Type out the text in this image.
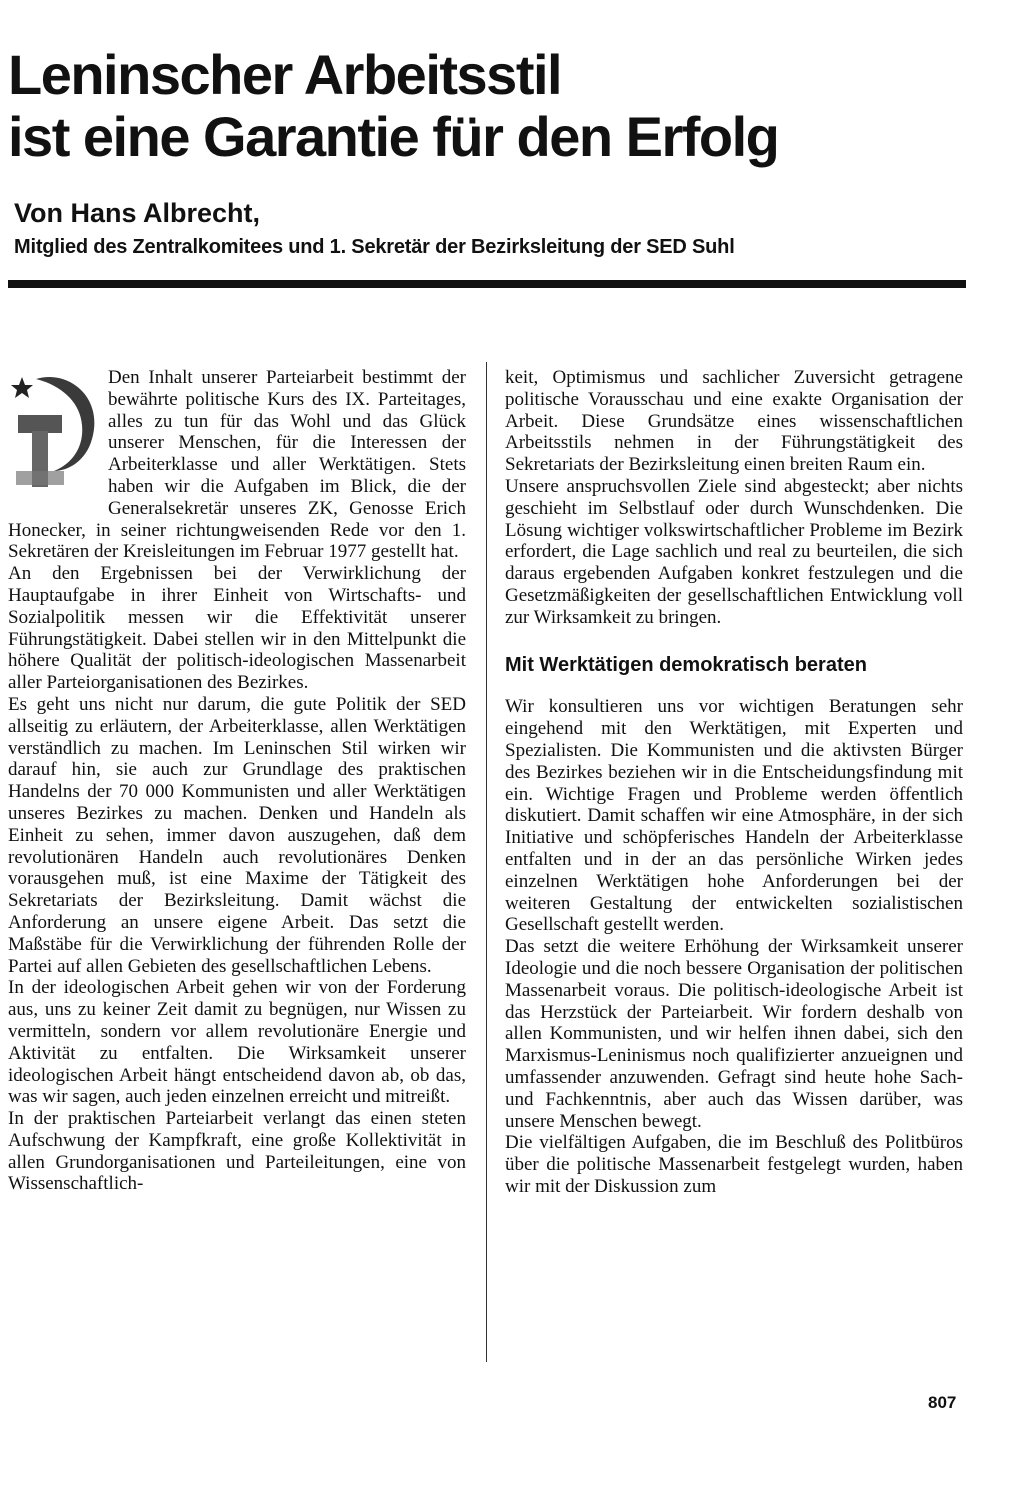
Leninscher Arbeitsstil
ist eine Garantie für den Erfolg
Von Hans Albrecht,
Mitglied des Zentralkomitees und 1. Sekretär der Bezirksleitung der SED Suhl

Den Inhalt unserer Parteiarbeit bestimmt der bewährte politische Kurs des IX. Parteitages, alles zu tun für das Wohl und das Glück unserer Menschen, für die Interessen der Arbeiterklasse und aller Werktätigen. Stets haben wir die Aufgaben im Blick, die der Generalsekretär unseres ZK, Genosse Erich Honecker, in seiner richtungweisenden Rede vor den 1. Sekretären der Kreisleitungen im Februar 1977 gestellt hat.

An den Ergebnissen bei der Verwirklichung der Hauptaufgabe in ihrer Einheit von Wirtschafts- und Sozialpolitik messen wir die Effektivität unserer Führungstätigkeit. Dabei stellen wir in den Mittelpunkt die höhere Qualität der politisch-ideologischen Massenarbeit aller Parteiorganisationen des Bezirkes.

Es geht uns nicht nur darum, die gute Politik der SED allseitig zu erläutern, der Arbeiterklasse, allen Werktätigen verständlich zu machen. Im Leninschen Stil wirken wir darauf hin, sie auch zur Grundlage des praktischen Handelns der 70 000 Kommunisten und aller Werktätigen unseres Bezirkes zu machen. Denken und Handeln als Einheit zu sehen, immer davon auszugehen, daß dem revolutionären Handeln auch revolutionäres Denken vorausgehen muß, ist eine Maxime der Tätigkeit des Sekretariats der Bezirksleitung. Damit wächst die Anforderung an unsere eigene Arbeit. Das setzt die Maßstäbe für die Verwirklichung der führenden Rolle der Partei auf allen Gebieten des gesellschaftlichen Lebens.

In der ideologischen Arbeit gehen wir von der Forderung aus, uns zu keiner Zeit damit zu begnügen, nur Wissen zu vermitteln, sondern vor allem revolutionäre Energie und Aktivität zu entfalten. Die Wirksamkeit unserer ideologischen Arbeit hängt entscheidend davon ab, ob das, was wir sagen, auch jeden einzelnen erreicht und mitreißt.

In der praktischen Parteiarbeit verlangt das einen steten Aufschwung der Kampfkraft, eine große Kollektivität in allen Grundorganisationen und Parteileitungen, eine von Wissenschaftlich-

keit, Optimismus und sachlicher Zuversicht getragene politische Vorausschau und eine exakte Organisation der Arbeit. Diese Grundsätze eines wissenschaftlichen Arbeitsstils nehmen in der Führungstätigkeit des Sekretariats der Bezirksleitung einen breiten Raum ein.

Unsere anspruchsvollen Ziele sind abgesteckt; aber nichts geschieht im Selbstlauf oder durch Wunschdenken. Die Lösung wichtiger volkswirtschaftlicher Probleme im Bezirk erfordert, die Lage sachlich und real zu beurteilen, die sich daraus ergebenden Aufgaben konkret festzulegen und die Gesetzmäßigkeiten der gesellschaftlichen Entwicklung voll zur Wirksamkeit zu bringen.

Mit Werktätigen demokratisch beraten

Wir konsultieren uns vor wichtigen Beratungen sehr eingehend mit den Werktätigen, mit Experten und Spezialisten. Die Kommunisten und die aktivsten Bürger des Bezirkes beziehen wir in die Entscheidungsfindung mit ein. Wichtige Fragen und Probleme werden öffentlich diskutiert. Damit schaffen wir eine Atmosphäre, in der sich Initiative und schöpferisches Handeln der Arbeiterklasse entfalten und in der an das persönliche Wirken jedes einzelnen Werktätigen hohe Anforderungen bei der weiteren Gestaltung der entwickelten sozialistischen Gesellschaft gestellt werden.

Das setzt die weitere Erhöhung der Wirksamkeit unserer Ideologie und die noch bessere Organisation der politischen Massenarbeit voraus. Die politisch-ideologische Arbeit ist das Herzstück der Parteiarbeit. Wir fordern deshalb von allen Kommunisten, und wir helfen ihnen dabei, sich den Marxismus-Leninismus noch qualifizierter anzueignen und umfassender anzuwenden. Gefragt sind heute hohe Sach- und Fachkenntnis, aber auch das Wissen darüber, was unsere Menschen bewegt.

Die vielfältigen Aufgaben, die im Beschluß des Politbüros über die politische Massenarbeit festgelegt wurden, haben wir mit der Diskussion zum

807
